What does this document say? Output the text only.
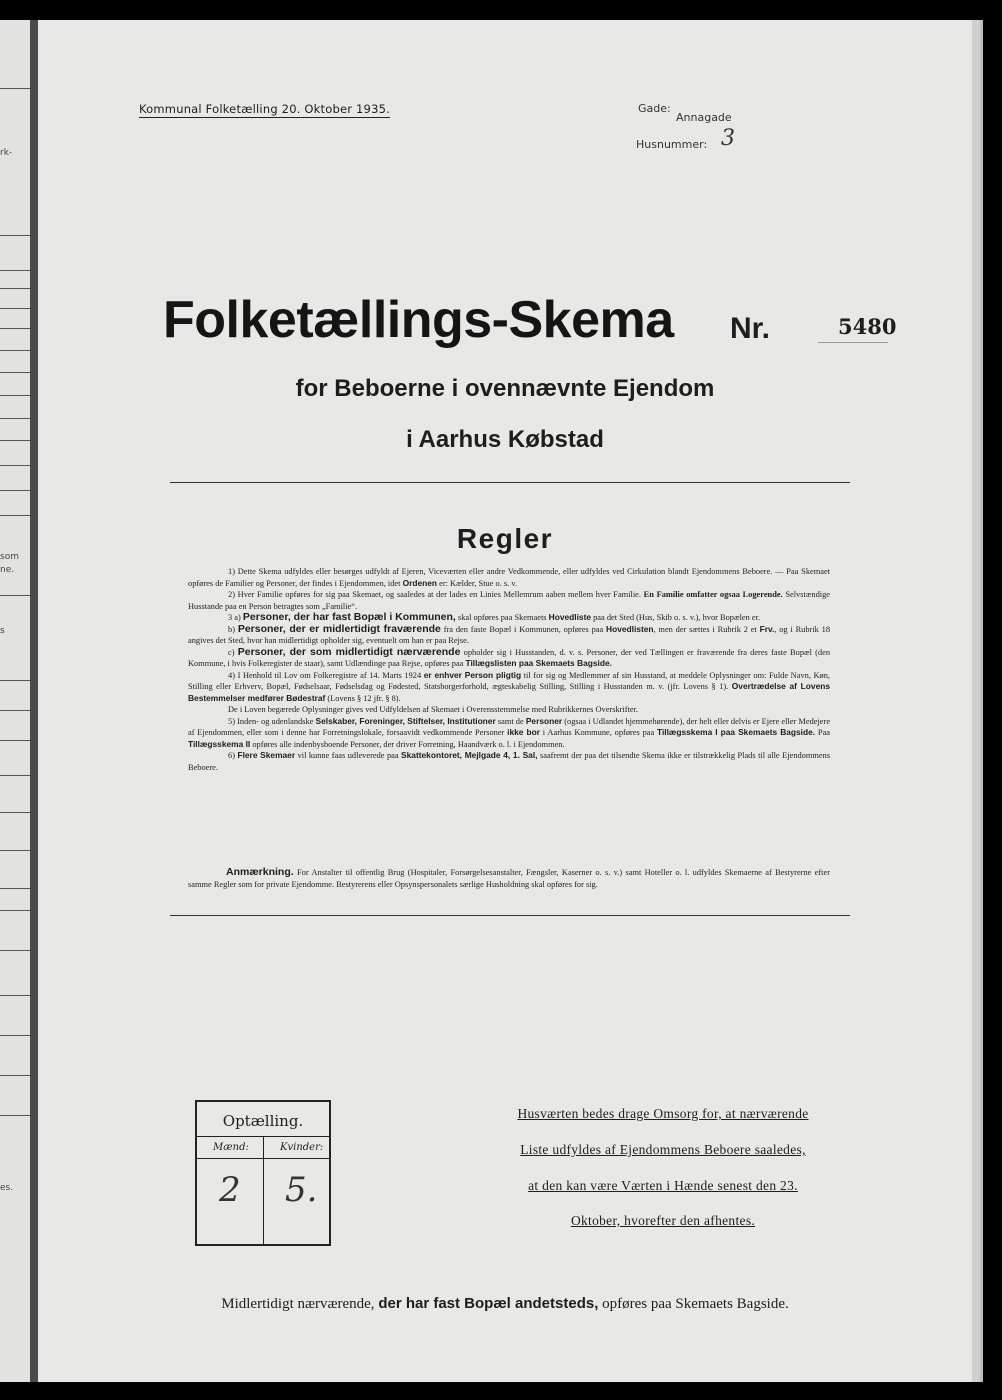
rk-
som
ne.
s
es.
Kommunal Folketælling 20. Oktober 1935.	Gade:
Annagade
Husnummer: 3
Folketællings-Skema Nr.	5480
for Beboerne i ovennævnte Ejendom
i Aarhus Købstad
Regler

1) Dette Skema udfyldes eller besørges udfyldt af Ejeren, Viceværten eller andre Vedkommende, eller udfyldes ved Cirkulation blandt Ejendommens Beboere. — Paa Skemaet opføres de Familier og Personer, der findes i Ejendommen, idet Ordenen er: Kælder, Stue o. s. v.

2) Hver Familie opføres for sig paa Skemaet, og saaledes at der lades en Linies Mellemrum aaben mellem hver Familie. En Familie omfatter ogsaa Logerende. Selvstændige Husstande paa en Person betragtes som „Familie“.

3 a) Personer, der har fast Bopæl i Kommunen, skal opføres paa Skemaets Hovedliste paa det Sted (Hus, Skib o. s. v.), hvor Bopælen er.

b) Personer, der er midlertidigt fraværende fra den faste Bopæl i Kommunen, opføres paa Hovedlisten, men der sættes i Rubrik 2 et Frv., og i Rubrik 18 angives det Sted, hvor han midlertidigt opholder sig, eventuelt om han er paa Rejse.

c) Personer, der som midlertidigt nærværende opholder sig i Husstanden, d. v. s. Personer, der ved Tællingen er fraværende fra deres faste Bopæl (den Kommune, i hvis Folkeregister de staar), samt Udlændinge paa Rejse, opføres paa Tillægslisten paa Skemaets Bagside.

4) I Henhold til Lov om Folkeregistre af 14. Marts 1924 er enhver Person pligtig til for sig og Medlemmer af sin Husstand, at meddele Oplysninger om: Fulde Navn, Køn, Stilling eller Erhverv, Bopæl, Fødselsaar, Fødselsdag og Fødested, Statsborgerforhold, ægteskabelig Stilling, Stilling i Husstanden m. v. (jfr. Lovens § 1). Overtrædelse af Lovens Bestemmelser medfører Bødestraf (Lovens § 12 jfr. § 8).

De i Loven begærede Oplysninger gives ved Udfyldelsen af Skemaet i Overensstemmelse med Rubrikkernes Overskrifter.

5) Inden- og udenlandske Selskaber, Foreninger, Stiftelser, Institutioner samt de Personer (ogsaa i Udlandet hjemmehørende), der helt eller delvis er Ejere eller Medejere af Ejendommen, eller som i denne har Forretningslokale, forsaavidt vedkommende Personer ikke bor i Aarhus Kommune, opføres paa Tillægsskema I paa Skemaets Bagside. Paa Tillægsskema II opføres alle indenbysboende Personer, der driver Forretning, Haandværk o. l. i Ejendommen.

6) Flere Skemaer vil kunne faas udleverede paa Skattekontoret, Mejlgade 4, 1. Sal, saafremt der paa det tilsendte Skema ikke er tilstrækkelig Plads til alle Ejendommens Beboere.

Anmærkning. For Anstalter til offentlig Brug (Hospitaler, Forsørgelsesanstalter, Fængsler, Kaserner o. s. v.) samt Hoteller o. l. udfyldes Skemaerne af Bestyrerne efter samme Regler som for private Ejendomme. Bestyrerens eller Opsynspersonalets særlige Husholdning skal opføres for sig.

Optælling.
Mænd:	Kvinder:
2 5.
Husværten bedes drage Omsorg for, at nærværende
Liste udfyldes af Ejendommens Beboere saaledes,
at den kan være Værten i Hænde senest den 23.
Oktober, hvorefter den afhentes.
Midlertidigt nærværende, der har fast Bopæl andetsteds, opføres paa Skemaets Bagside.
